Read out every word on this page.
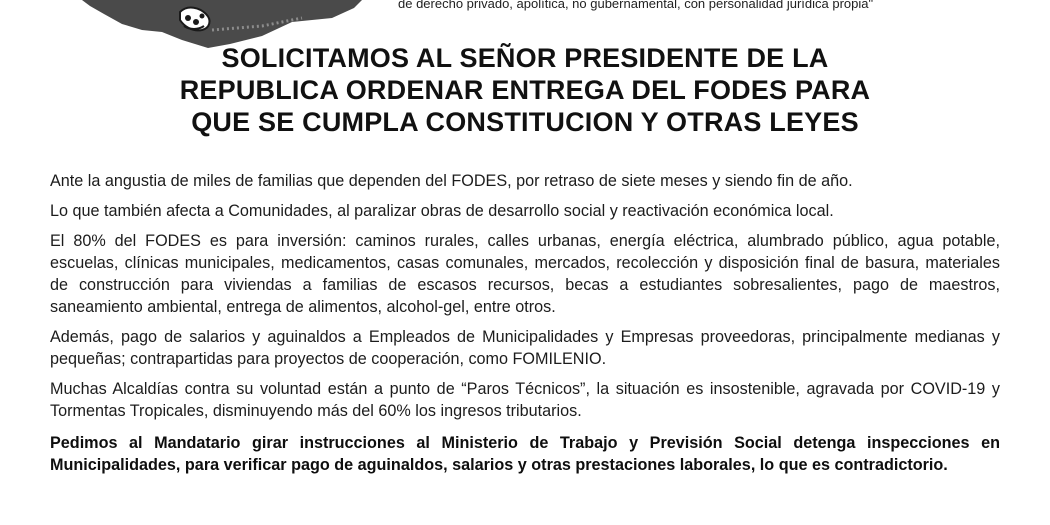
de derecho privado, apolítica, no gubernamental, con personalidad jurídica propia"
SOLICITAMOS AL SEÑOR PRESIDENTE DE LA
REPUBLICA ORDENAR ENTREGA DEL FODES PARA
QUE SE CUMPLA CONSTITUCION Y OTRAS LEYES

Ante la angustia de miles de familias que dependen del FODES, por retraso de siete meses y siendo fin de año.

Lo que también afecta a Comunidades, al paralizar obras de desarrollo social y reactivación económica local.

El 80% del FODES es para inversión: caminos rurales, calles urbanas, energía eléctrica, alumbrado público, agua potable, escuelas, clínicas municipales, medicamentos, casas comunales, mercados, recolección y disposición final de basura, materiales de construcción para viviendas a familias de escasos recursos, becas a estudiantes sobresalientes, pago de maestros, saneamiento ambiental, entrega de alimentos, alcohol-gel, entre otros.

Además, pago de salarios y aguinaldos a Empleados de Municipalidades y Empresas proveedoras, principalmente medianas y pequeñas; contrapartidas para proyectos de cooperación, como FOMILENIO.

Muchas Alcaldías contra su voluntad están a punto de “Paros Técnicos”, la situación es insostenible, agravada por COVID-19 y Tormentas Tropicales, disminuyendo más del 60% los ingresos tributarios.

Pedimos al Mandatario girar instrucciones al Ministerio de Trabajo y Previsión Social detenga inspecciones en Municipalidades, para verificar pago de aguinaldos, salarios y otras prestaciones laborales, lo que es contradictorio.
